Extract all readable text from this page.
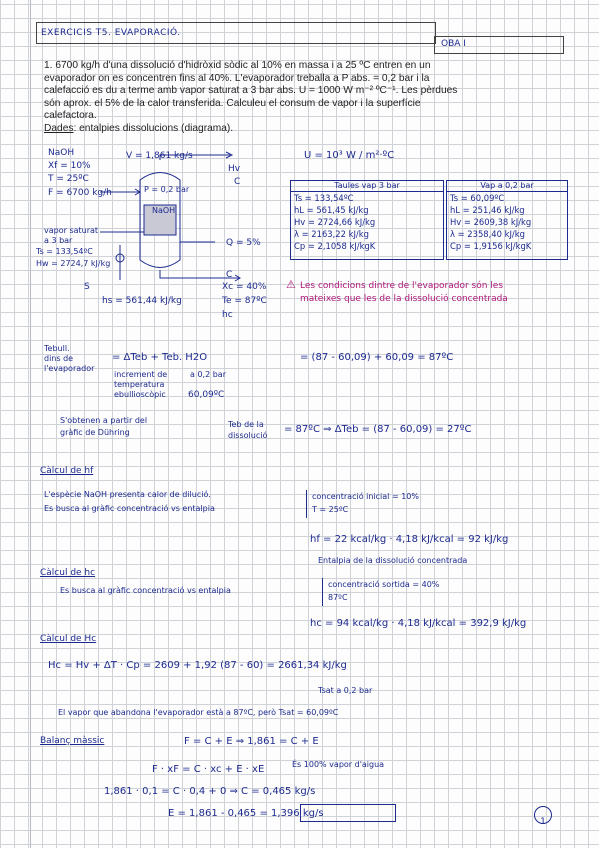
EXERCICIS T5. EVAPORACIÓ.
OBA I
1. 6700 kg/h d'una dissolució d'hidròxid sòdic al 10% en massa i a 25 ºC entren en un evaporador on es concentren fins al 40%. L'evaporador treballa a P abs. = 0,2 bar i la calefacció es du a terme amb vapor saturat a 3 bar abs. U = 1000 W m⁻² ºC⁻¹. Les pèrdues són aprox. el 5% de la calor transferida. Calculeu el consum de vapor i la superfície calefactora.
Dades: entalpies dissolucions (diagrama).
NaOH
Xf = 10%
T = 25ºC
F = 6700 kg/h
V = 1,861 kg/s
Hv
C
P = 0,2 bar
NaOH
vapor saturat
a 3 bar
Ts = 133,54ºC
Hw = 2724,7 kJ/kg
S
Q = 5%
hs = 561,44 kJ/kg
C
Xc = 40%
Te = 87ºC
hc
U = 10³ W / m²·ºC
Taules vap 3 bar
Ts = 133,54ºC
hL = 561,45 kJ/kg
Hv = 2724,66 kJ/kg
λ = 2163,22 kJ/kg
Cp = 2,1058 kJ/kgK
Vap a 0,2 bar
Ts = 60,09ºC
hL = 251,46 kJ/kg
Hv = 2609,38 kJ/kg
λ = 2358,40 kJ/kg
Cp = 1,9156 kJ/kgK
⚠ Les condicions dintre de l'evaporador són les mateixes que les de la dissolució concentrada
Tebull.
dins de
l'evaporador
= ΔTeb + Teb. H2O	= (87 - 60,09) + 60,09 = 87ºC
increment de
temperatura
ebullioscòpic
a 0,2 bar
60,09ºC
S'obtenen a partir del
gràfic de Dühring
Teb de la
dissolució
= 87ºC ⇒ ΔTeb = (87 - 60,09) = 27ºC
Càlcul de hf
L'espècie NaOH presenta calor de dilució.
Es busca al gràfic concentració vs entalpia
concentració inicial = 10%
T = 25ºC
hf = 22 kcal/kg · 4,18 kJ/kcal = 92 kJ/kg
Entalpia de la dissolució concentrada
Càlcul de hc
Es busca al gràfic concentració vs entalpia
concentració sortida = 40%
87ºC
hc = 94 kcal/kg · 4,18 kJ/kcal = 392,9 kJ/kg
Càlcul de Hc
Hc = Hv + ΔT · Cp = 2609 + 1,92 (87 - 60) = 2661,34 kJ/kg
Tsat a 0,2 bar
El vapor que abandona l'evaporador està a 87ºC, però Tsat = 60,09ºC
Balanç màssic	F = C + E ⇒ 1,861 = C + E
F · xF = C · xc + E · xE	És 100% vapor d'aigua
1,861 · 0,1 = C · 0,4 + 0 ⇒ C = 0,465 kg/s
E = 1,861 - 0,465 = 1,396 kg/s
1
